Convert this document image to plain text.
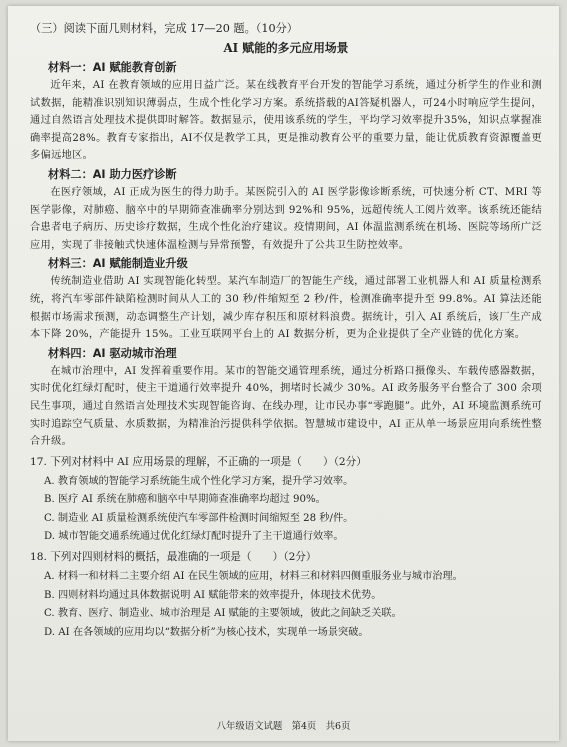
（三）阅读下面几则材料，完成 17—20 题。（10分）

AI 赋能的多元应用场景

材料一：AI 赋能教育创新

近年来，AI 在教育领域的应用日益广泛。某在线教育平台开发的智能学习系统，通过分析学生的作业和测试数据，能精准识别知识薄弱点，生成个性化学习方案。系统搭载的AI答疑机器人，可24小时响应学生提问，通过自然语言处理技术提供即时解答。数据显示，使用该系统的学生，平均学习效率提升35%，知识点掌握准确率提高28%。教育专家指出，AI不仅是教学工具，更是推动教育公平的重要力量，能让优质教育资源覆盖更多偏远地区。

材料二：AI 助力医疗诊断

在医疗领域，AI 正成为医生的得力助手。某医院引入的 AI 医学影像诊断系统，可快速分析 CT、MRI 等医学影像，对肺癌、脑卒中的早期筛查准确率分别达到 92%和 95%，远超传统人工阅片效率。该系统还能结合患者电子病历、历史诊疗数据，生成个性化治疗建议。疫情期间，AI 体温监测系统在机场、医院等场所广泛应用，实现了非接触式快速体温检测与异常预警，有效提升了公共卫生防控效率。

材料三：AI 赋能制造业升级

传统制造业借助 AI 实现智能化转型。某汽车制造厂的智能生产线，通过部署工业机器人和 AI 质量检测系统，将汽车零部件缺陷检测时间从人工的 30 秒/件缩短至 2 秒/件，检测准确率提升至 99.8%。AI 算法还能根据市场需求预测，动态调整生产计划，减少库存积压和原材料浪费。据统计，引入 AI 系统后，该厂生产成本下降 20%，产能提升 15%。工业互联网平台上的 AI 数据分析，更为企业提供了全产业链的优化方案。

材料四：AI 驱动城市治理

在城市治理中，AI 发挥着重要作用。某市的智能交通管理系统，通过分析路口摄像头、车载传感器数据，实时优化红绿灯配时，使主干道通行效率提升 40%，拥堵时长减少 30%。AI 政务服务平台整合了 300 余项民生事项，通过自然语言处理技术实现智能咨询、在线办理，让市民办事“零跑腿”。此外，AI 环境监测系统可实时追踪空气质量、水质数据，为精准治污提供科学依据。智慧城市建设中，AI 正从单一场景应用向系统性整合升级。

17. 下列对材料中 AI 应用场景的理解，不正确的一项是（　　）（2分）

A. 教育领域的智能学习系统能生成个性化学习方案，提升学习效率。

B. 医疗 AI 系统在肺癌和脑卒中早期筛查准确率均超过 90%。

C. 制造业 AI 质量检测系统使汽车零部件检测时间缩短至 28 秒/件。

D. 城市智能交通系统通过优化红绿灯配时提升了主干道通行效率。

18. 下列对四则材料的概括，最准确的一项是（　　）（2分）

A. 材料一和材料二主要介绍 AI 在民生领域的应用，材料三和材料四侧重服务业与城市治理。

B. 四则材料均通过具体数据说明 AI 赋能带来的效率提升，体现技术优势。

C. 教育、医疗、制造业、城市治理是 AI 赋能的主要领域，彼此之间缺乏关联。

D. AI 在各领域的应用均以“数据分析”为核心技术，实现单一场景突破。

八年级语文试题　第4页　共6页
